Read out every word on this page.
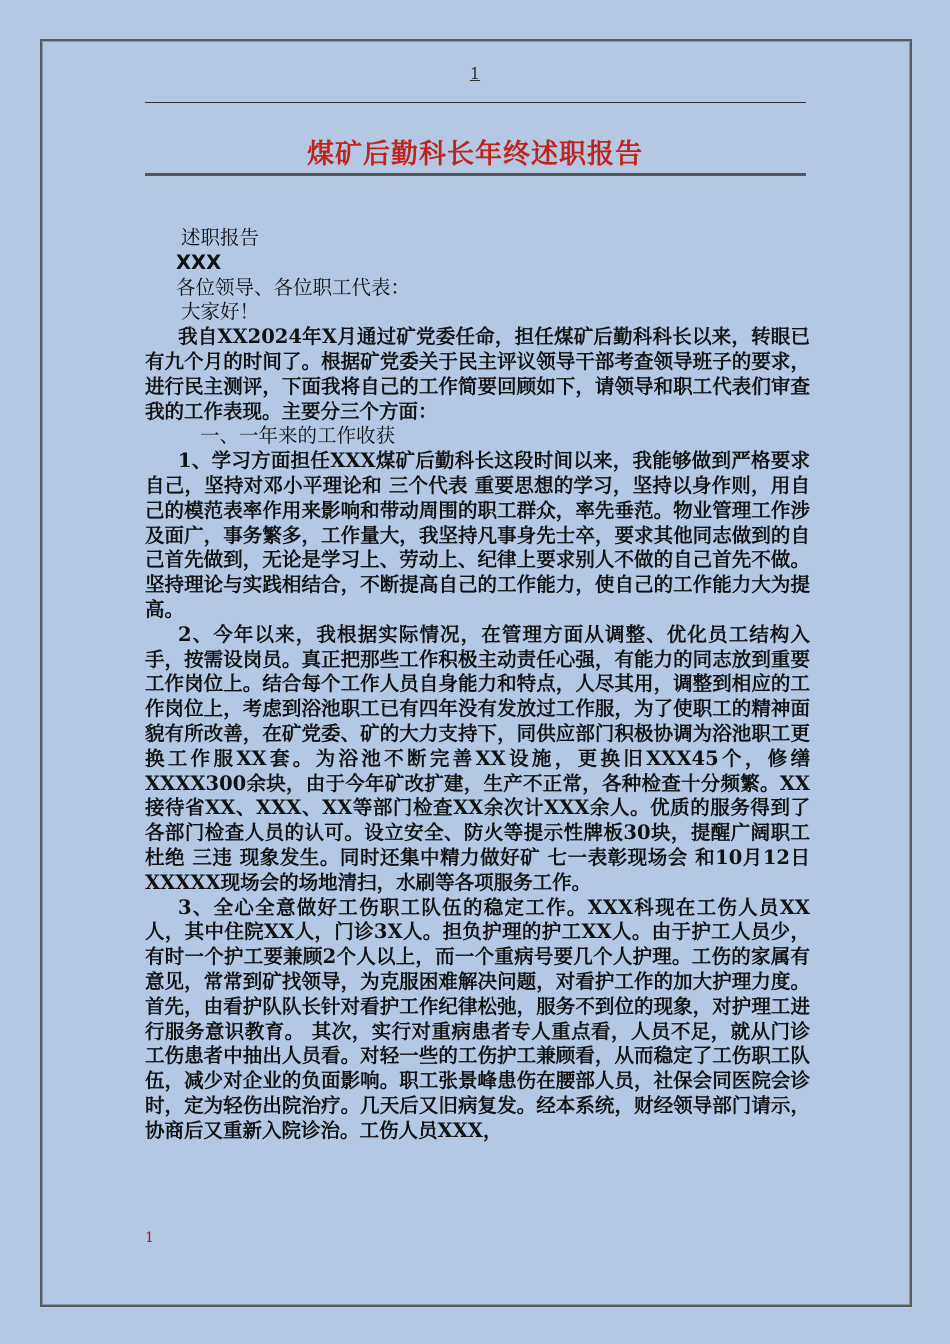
1
煤矿后勤科长年终述职报告

述职报告

XXX

各位领导、各位职工代表：

大家好！

我自XX2024年X月通过矿党委任命，担任煤矿后勤科科长以来，转眼已有九个月的时间了。根据矿党委关于民主评议领导干部考查领导班子的要求，进行民主测评，下面我将自己的工作简要回顾如下，请领导和职工代表们审查我的工作表现。主要分三个方面：

一、一年来的工作收获

1、学习方面担任XXX煤矿后勤科长这段时间以来，我能够做到严格要求自己，坚持对邓小平理论和 三个代表 重要思想的学习，坚持以身作则，用自己的模范表率作用来影响和带动周围的职工群众，率先垂范。物业管理工作涉及面广，事务繁多，工作量大，我坚持凡事身先士卒，要求其他同志做到的自己首先做到，无论是学习上、劳动上、纪律上要求别人不做的自己首先不做。坚持理论与实践相结合，不断提高自己的工作能力，使自己的工作能力大为提高。

2、今年以来，我根据实际情况，在管理方面从调整、优化员工结构入手，按需设岗员。真正把那些工作积极主动责任心强，有能力的同志放到重要工作岗位上。结合每个工作人员自身能力和特点，人尽其用，调整到相应的工作岗位上，考虑到浴池职工已有四年没有发放过工作服，为了使职工的精神面貌有所改善，在矿党委、矿的大力支持下，同供应部门积极协调为浴池职工更换工作服XX套。为浴池不断完善XX设施，更换旧XXX45个，修缮XXXX300余块，由于今年矿改扩建，生产不正常，各种检查十分频繁。XX接待省XX、XXX、XX等部门检查XX余次计XXX余人。优质的服务得到了各部门检查人员的认可。设立安全、防火等提示性牌板30块，提醒广阔职工杜绝 三违 现象发生。同时还集中精力做好矿 七一表彰现场会 和10月12日XXXXX现场会的场地清扫，水刷等各项服务工作。

3、全心全意做好工伤职工队伍的稳定工作。XXX科现在工伤人员XX人，其中住院XX人，门诊3X人。担负护理的护工XX人。由于护工人员少，有时一个护工要兼顾2个人以上，而一个重病号要几个人护理。工伤的家属有意见，常常到矿找领导，为克服困难解决问题，对看护工作的加大护理力度。 首先，由看护队队长针对看护工作纪律松弛，服务不到位的现象，对护理工进行服务意识教育。 其次，实行对重病患者专人重点看，人员不足，就从门诊工伤患者中抽出人员看。对轻一些的工伤护工兼顾看，从而稳定了工伤职工队伍，减少对企业的负面影响。职工张景峰患伤在腰部人员，社保会同医院会诊时，定为轻伤出院治疗。几天后又旧病复发。经本系统，财经领导部门请示，协商后又重新入院诊治。工伤人员XXX，

1
